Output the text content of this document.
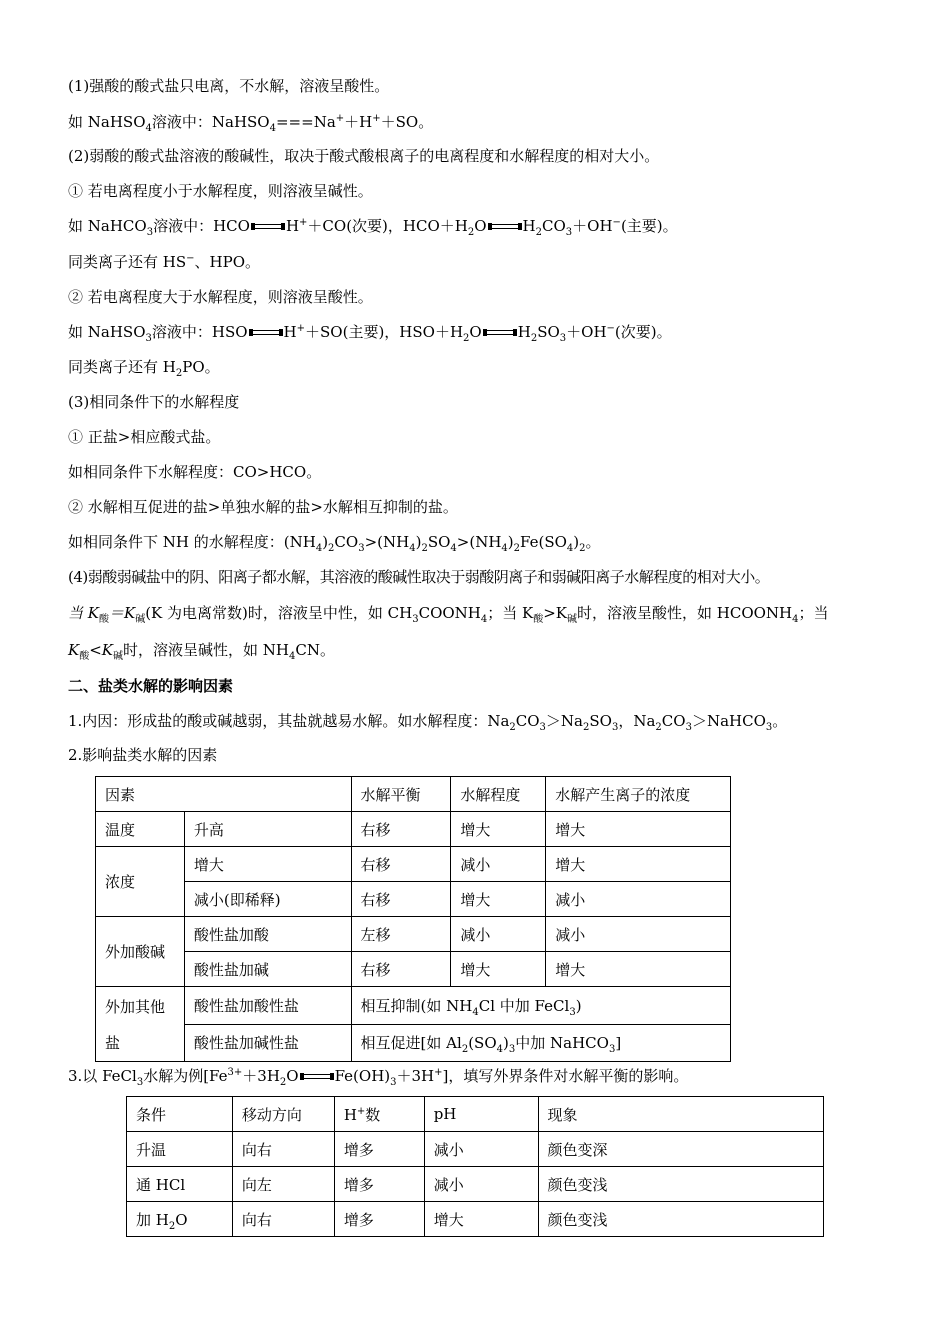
(1)强酸的酸式盐只电离，不水解，溶液呈酸性。
如 NaHSO$_4$溶液中：NaHSO$_4$===Na+＋H+＋SO。
(2)弱酸的酸式盐溶液的酸碱性，取决于酸式酸根离子的电离程度和水解程度的相对大小。
① 若电离程度小于水解程度，则溶液呈碱性。
如 NaHCO$_3$溶液中：HCO H+＋CO(次要)，$HCO+H_2O$ $H_2CO_3+OH^-$(主要)。
同类离子还有 HS−、HPO。
② 若电离程度大于水解程度，则溶液呈酸性。
如 NaHSO$_3$溶液中：HSO H+＋SO(主要)，$HSO+H_2O$ $H_2SO_3+OH^-$(次要)。
同类离子还有 $H_2PO$。
(3)相同条件下的水解程度
① 正盐>相应酸式盐。
如相同条件下水解程度：CO>HCO。
② 水解相互促进的盐>单独水解的盐>水解相互抑制的盐。
如相同条件下 NH 的水解程度：$(NH_4)_2CO_3>(NH_4)_2SO_4>(NH_4)_2Fe(SO_4)_2$。
(4)弱酸弱碱盐中的阴、阳离子都水解，其溶液的酸碱性取决于弱酸阴离子和弱碱阳离子水解程度的相对大小。
当 $K_酸=K_碱(K$ 为电离常数)时，溶液呈中性，如 $CH_3COONH_4$；当 $K_酸>K_碱$时，溶液呈酸性，如 $HCOONH_4$；当
$K_酸<K_碱$时，溶液呈碱性，如 $NH_4CN$。
二、盐类水解的影响因素
1.内因：形成盐的酸或碱越弱，其盐就越易水解。如水解程度：$Na_2CO_3>Na_2SO_3$，$Na_2CO_3>NaHCO_3$。
2.影响盐类水解的因素
因素		水解平衡	水解程度	水解产生离子的浓度
温度	升高	右移	增大	增大
浓度	增大	右移	减小	增大
	减小(即稀释)	右移	增大	减小
外加酸碱	酸性盐加酸	左移	减小	减小
	酸性盐加碱	右移	增大	增大
外加其他
盐	酸性盐加酸性盐	相互抑制(如 $NH_4Cl$ 中加 FeCl$_3$)		
	酸性盐加碱性盐	相互促进[如 $Al_2(SO_4)_3$中加 NaHCO$_3$]		
3.以 FeCl$_3$水解为例[$Fe^{3+}+3H_2O$ $Fe(OH)_3+3H^+$]，填写外界条件对水解平衡的影响。
条件	移动方向	H+数	pH	现象
升温	向右	增多	减小	颜色变深
通 HCl	向左	增多	减小	颜色变浅
加 $H_2O$	向右	增多	增大	颜色变浅
